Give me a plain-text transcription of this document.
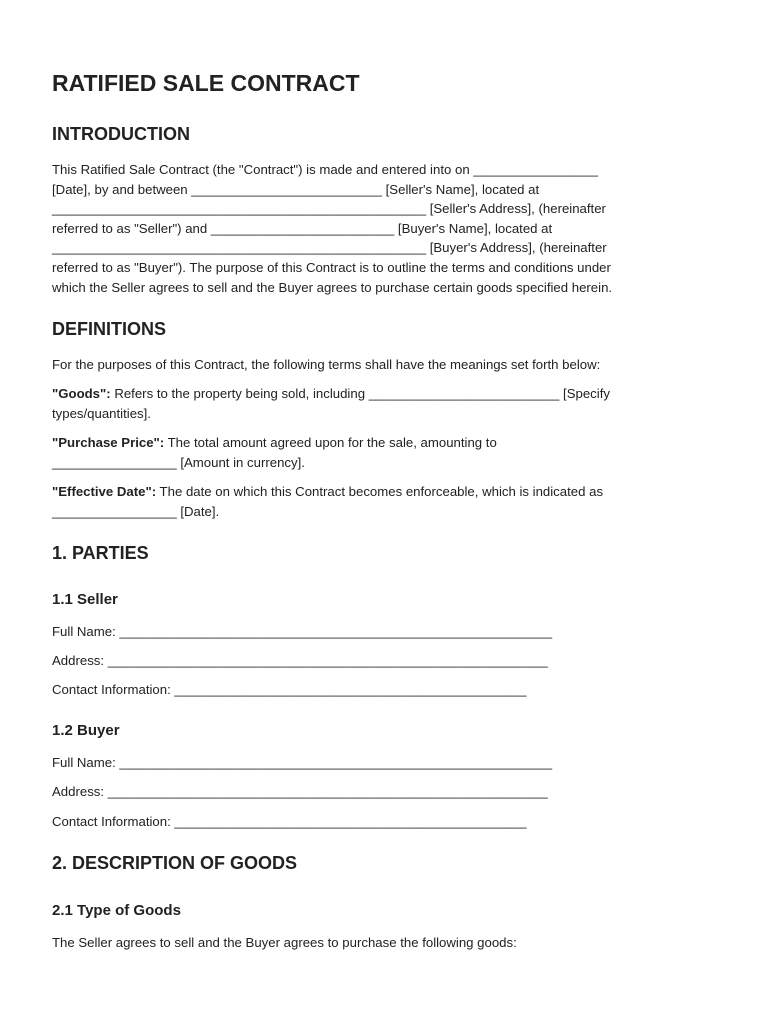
RATIFIED SALE CONTRACT
INTRODUCTION
This Ratified Sale Contract (the "Contract") is made and entered into on _________________
[Date], by and between __________________________ [Seller's Name], located at
___________________________________________________ [Seller's Address], (hereinafter
referred to as "Seller") and _________________________ [Buyer's Name], located at
___________________________________________________ [Buyer's Address], (hereinafter
referred to as "Buyer"). The purpose of this Contract is to outline the terms and conditions under
which the Seller agrees to sell and the Buyer agrees to purchase certain goods specified herein.
DEFINITIONS

For the purposes of this Contract, the following terms shall have the meanings set forth below:

"Goods": Refers to the property being sold, including __________________________ [Specify
types/quantities].
"Purchase Price": The total amount agreed upon for the sale, amounting to
_________________ [Amount in currency].
"Effective Date": The date on which this Contract becomes enforceable, which is indicated as
_________________ [Date].
1. PARTIES
1.1 Seller

Full Name: ___________________________________________________________

Address: ____________________________________________________________

Contact Information: ________________________________________________

1.2 Buyer

Full Name: ___________________________________________________________

Address: ____________________________________________________________

Contact Information: ________________________________________________

2. DESCRIPTION OF GOODS
2.1 Type of Goods

The Seller agrees to sell and the Buyer agrees to purchase the following goods:
